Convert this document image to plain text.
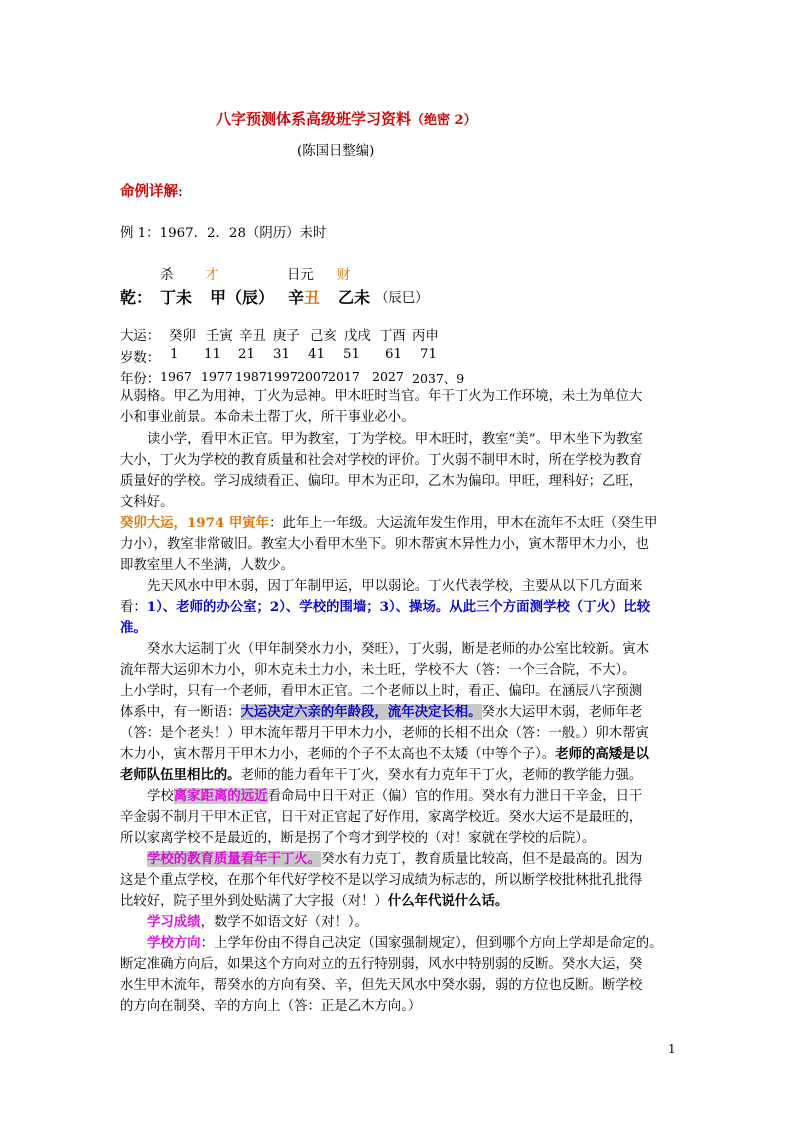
八字预测体系高级班学习资料（绝密 2）
(陈国日整编)
命例详解:
例 1：1967．2．28（阴历）未时
杀 才	日元 财
乾： 丁未 甲（辰） 辛丑 乙未 （辰巳）
大运： 癸卯 壬寅 辛丑 庚子 己亥 戊戌 丁酉 丙申
岁数： 1 11 21 31 41 51 61 71
年份： 1967 1977 1987 1997 2007 2017 2027 2037、9
从弱格。甲乙为用神，丁火为忌神。甲木旺时当官。年干丁火为工作环境，未土为单位大
小和事业前景。本命未土帮丁火，所干事业必小。
读小学，看甲木正官。甲为教室，丁为学校。甲木旺时，教室“美”。甲木坐下为教室
大小，丁火为学校的教育质量和社会对学校的评价。丁火弱不制甲木时，所在学校为教育
质量好的学校。学习成绩看正、偏印。甲木为正印，乙木为偏印。甲旺，理科好；乙旺，
文科好。
癸卯大运，1974 甲寅年：此年上一年级。大运流年发生作用，甲木在流年不太旺（癸生甲
力小），教室非常破旧。教室大小看甲木坐下。卯木帮寅木异性力小，寅木帮甲木力小，也
即教室里人不坐满，人数少。
先天风水中甲木弱，因丁年制甲运，甲以弱论。丁火代表学校，主要从以下几方面来
看：1）、老师的办公室；2）、学校的围墙；3）、操场。从此三个方面测学校（丁火）比较
准。
癸水大运制丁火（甲年制癸水力小，癸旺），丁火弱，断是老师的办公室比较新。寅木
流年帮大运卯木力小，卯木克未土力小，未土旺，学校不大（答：一个三合院，不大）。
上小学时，只有一个老师，看甲木正官。二个老师以上时，看正、偏印。在涵辰八字预测
体系中，有一断语：大运决定六亲的年龄段，流年决定长相。癸水大运甲木弱，老师年老
（答：是个老头！）甲木流年帮月干甲木力小，老师的长相不出众（答：一般。）卯木帮寅
木力小，寅木帮月干甲木力小，老师的个子不太高也不太矮（中等个子）。老师的高矮是以
老师队伍里相比的。老师的能力看年干丁火，癸水有力克年干丁火，老师的教学能力强。
学校离家距离的远近看命局中日干对正（偏）官的作用。癸水有力泄日干辛金，日干
辛金弱不制月干甲木正官，日干对正官起了好作用，家离学校近。癸水大运不是最旺的，
所以家离学校不是最近的，断是拐了个弯才到学校的（对！家就在学校的后院）。
学校的教育质量看年干丁火。癸水有力克丁，教育质量比较高，但不是最高的。因为
这是个重点学校，在那个年代好学校不是以学习成绩为标志的，所以断学校批林批孔批得
比较好，院子里外到处贴满了大字报（对！）什么年代说什么话。
学习成绩，数学不如语文好（对！）。
学校方向：上学年份由不得自己决定（国家强制规定），但到哪个方向上学却是命定的。
断定准确方向后，如果这个方向对立的五行特别弱，风水中特别弱的反断。癸水大运，癸
水生甲木流年，帮癸水的方向有癸、辛，但先天风水中癸水弱，弱的方位也反断。断学校
的方向在制癸、辛的方向上（答：正是乙木方向。）
1
